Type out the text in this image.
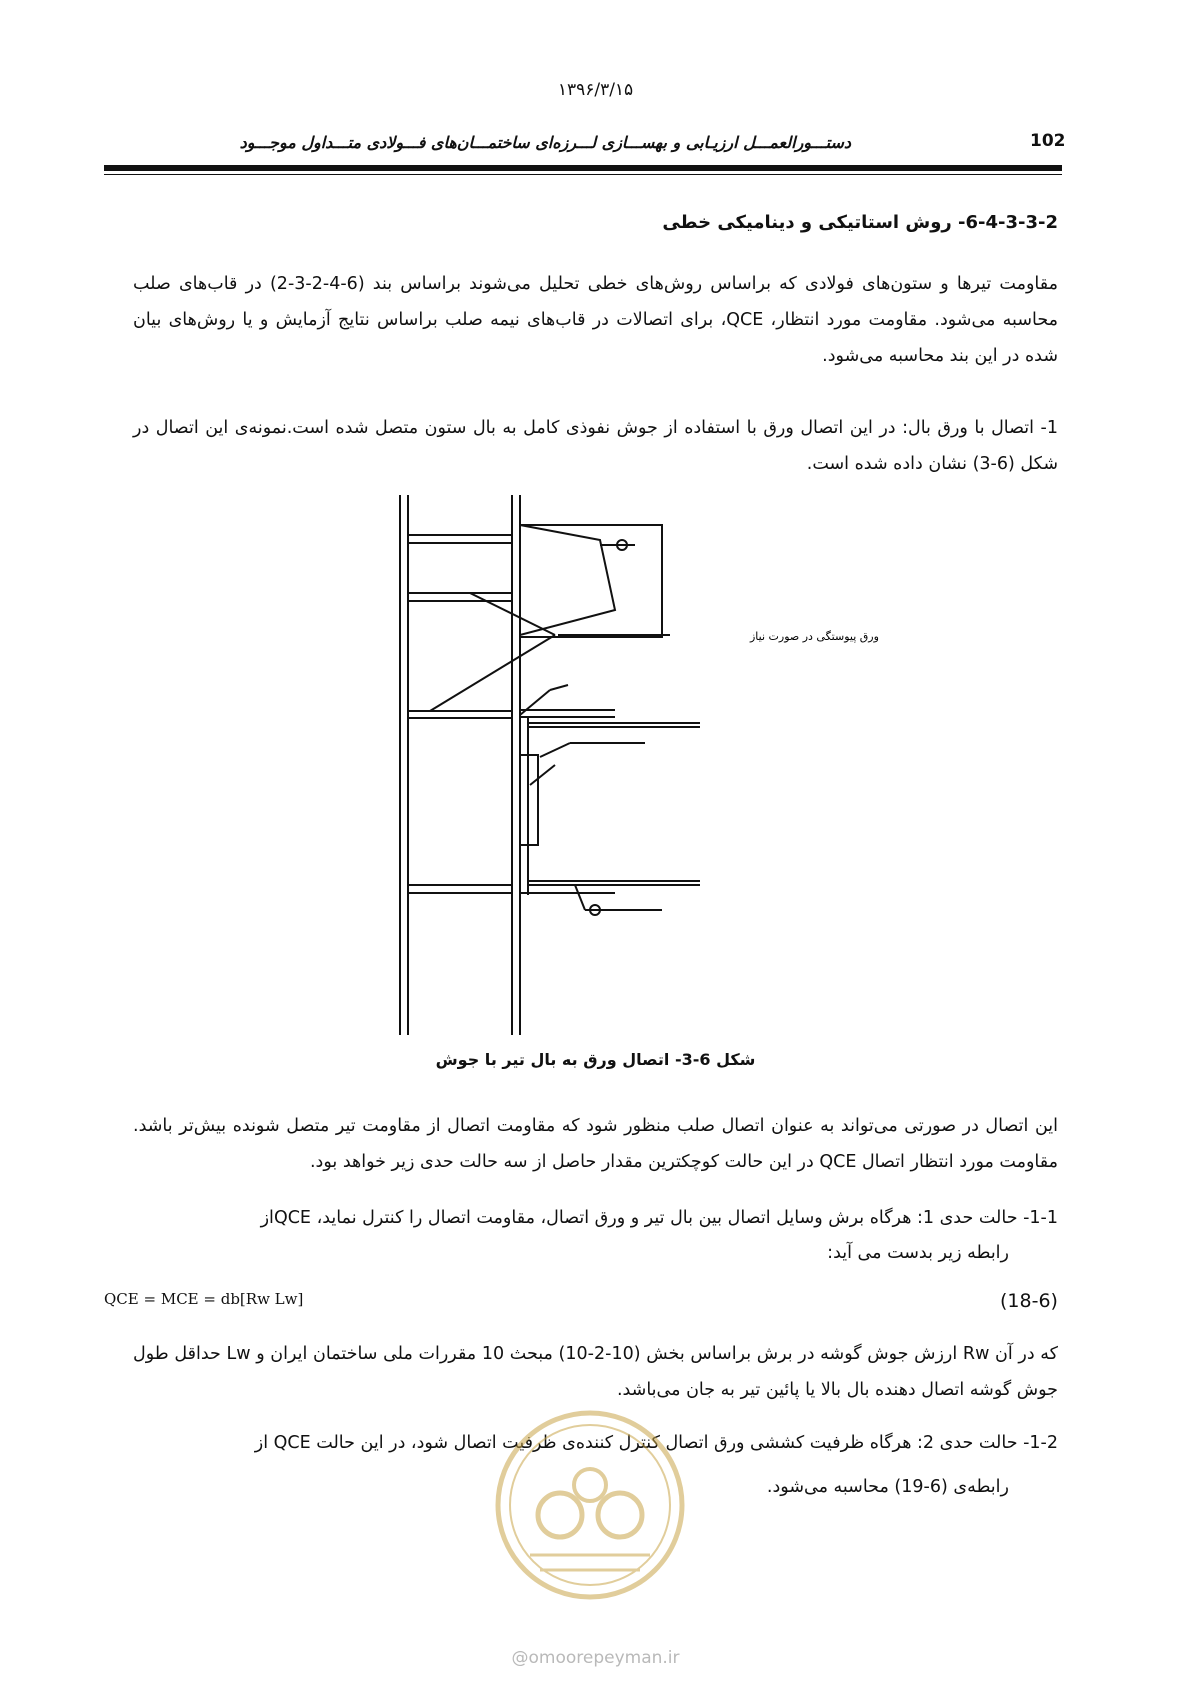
۱۳۹۶/۳/۱۵
دستـــورالعمـــل ارزیـابی و بهســـازی لـــرزه‌ای ساختمـــان‌های فـــولادی متـــداول موجـــود	102
6-4-3-3-2- روش استاتیکی و دینامیکی خطی
مقاومت تیرها و ستون‌های فولادی که براساس روش‌های خطی تحلیل می‌شوند براساس بند (6-4-2-3-2) در قاب‌های صلب محاسبه می‌شود. مقاومت مورد انتظار، QCE، برای اتصالات در قاب‌های نیمه صلب براساس نتایج آزمایش و یا روش‌های بیان شده در این بند محاسبه می‌شود.
1- اتصال با ورق بال: در این اتصال ورق با استفاده از جوش نفوذی کامل به بال ستون متصل شده است.نمونه‌ی این اتصال در شکل (6-3) نشان داده شده است.
ورق پیوستگی در صورت نیاز
شکل 6-3- اتصال ورق به بال تیر با جوش
این اتصال در صورتی می‌تواند به عنوان اتصال صلب منظور شود که مقاومت اتصال از مقاومت تیر متصل شونده بیش‌تر باشد. مقاومت مورد انتظار اتصال QCE در این حالت کوچکترین مقدار حاصل از سه حالت حدی زیر خواهد بود.
1-1- حالت حدی 1: هرگاه برش وسایل اتصال بین بال تیر و ورق اتصال، مقاومت اتصال را کنترل نماید، QCEاز
رابطه زیر بدست می آید:
QCE = MCE = db[Rw Lw]	(18-6)
که در آن Rw ارزش جوش گوشه در برش براساس بخش (10-2-10) مبحث 10 مقررات ملی ساختمان ایران و Lw حداقل طول جوش گوشه اتصال دهنده بال بالا یا پائین تیر به جان می‌باشد.
1-2- حالت حدی 2: هرگاه ظرفیت کششی ورق اتصال کنترل کننده‌ی ظرفیت اتصال شود، در این حالت QCE از
رابطه‌ی (6-19) محاسبه می‌شود.
@omoorepeyman.ir
